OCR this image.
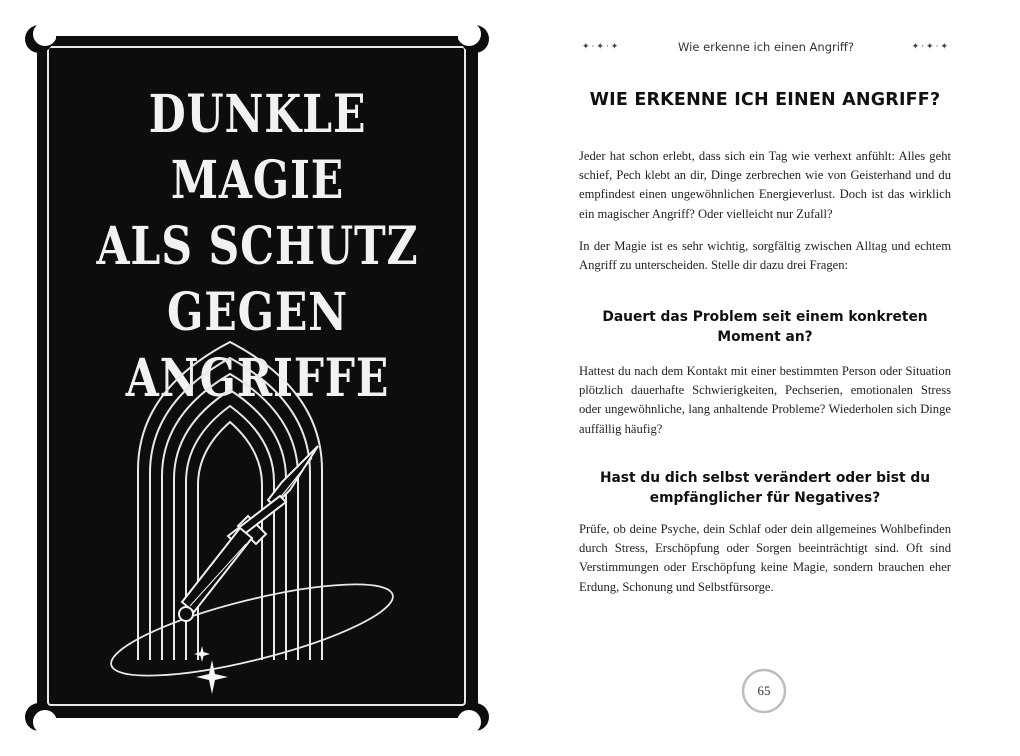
DUNKLE MAGIE
ALS SCHUTZ
GEGEN ANGRIFFE
✦·✦·✦	Wie erkenne ich einen Angriff?	✦·✦·✦
WIE ERKENNE ICH EINEN ANGRIFF?

Jeder hat schon erlebt, dass sich ein Tag wie verhext anfühlt: Alles geht schief, Pech klebt an dir, Dinge zerbrechen wie von Geisterhand und du empfindest einen ungewöhnlichen Energieverlust. Doch ist das wirklich ein magischer Angriff? Oder vielleicht nur Zufall?

In der Magie ist es sehr wichtig, sorgfältig zwischen Alltag und echtem Angriff zu unterscheiden. Stelle dir dazu drei Fragen:

Dauert das Problem seit einem konkreten Moment an?

Hattest du nach dem Kontakt mit einer bestimmten Person oder Situation plötzlich dauerhafte Schwierigkeiten, Pechserien, emotionalen Stress oder ungewöhnliche, lang anhaltende Probleme? Wiederholen sich Dinge auffällig häufig?

Hast du dich selbst verändert oder bist du empfänglicher für Negatives?

Prüfe, ob deine Psyche, dein Schlaf oder dein allgemeines Wohlbefinden durch Stress, Erschöpfung oder Sorgen beeinträchtigt sind. Oft sind Verstimmungen oder Erschöpfung keine Magie, sondern brauchen eher Erdung, Schonung und Selbstfürsorge.

65
